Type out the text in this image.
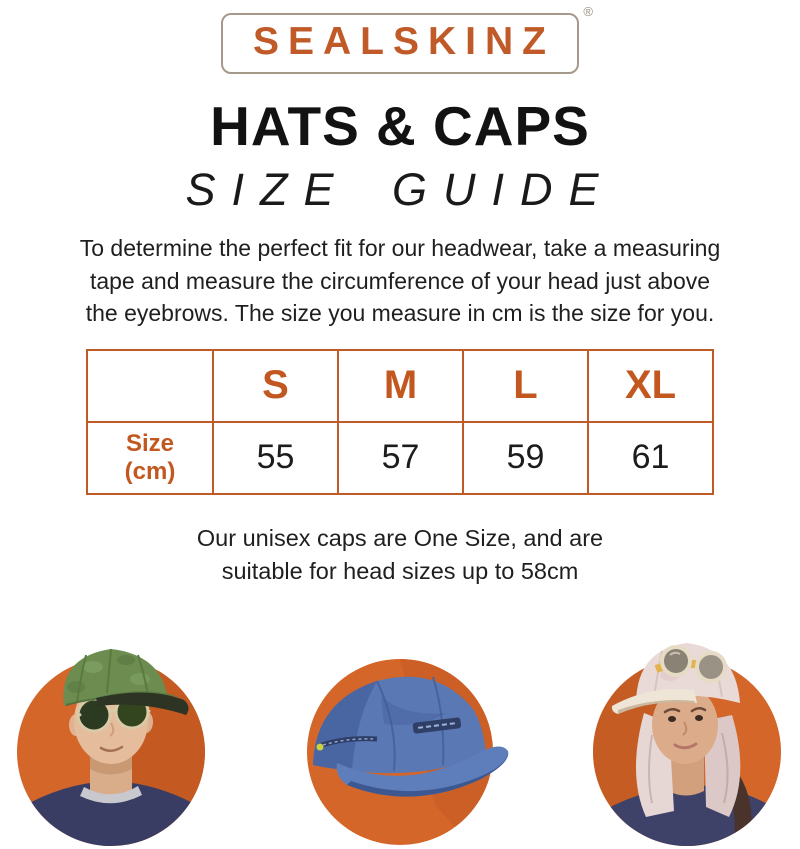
SEALSKINZ
®
HATS & CAPS
SIZE GUIDE
To determine the perfect fit for our headwear, take a measuring
tape and measure the circumference of your head just above
the eyebrows. The size you measure in cm is the size for you.
	S	M	L	XL

Size
(cm)	55	57	59	61
Our unisex caps are One Size, and are
suitable for head sizes up to 58cm
